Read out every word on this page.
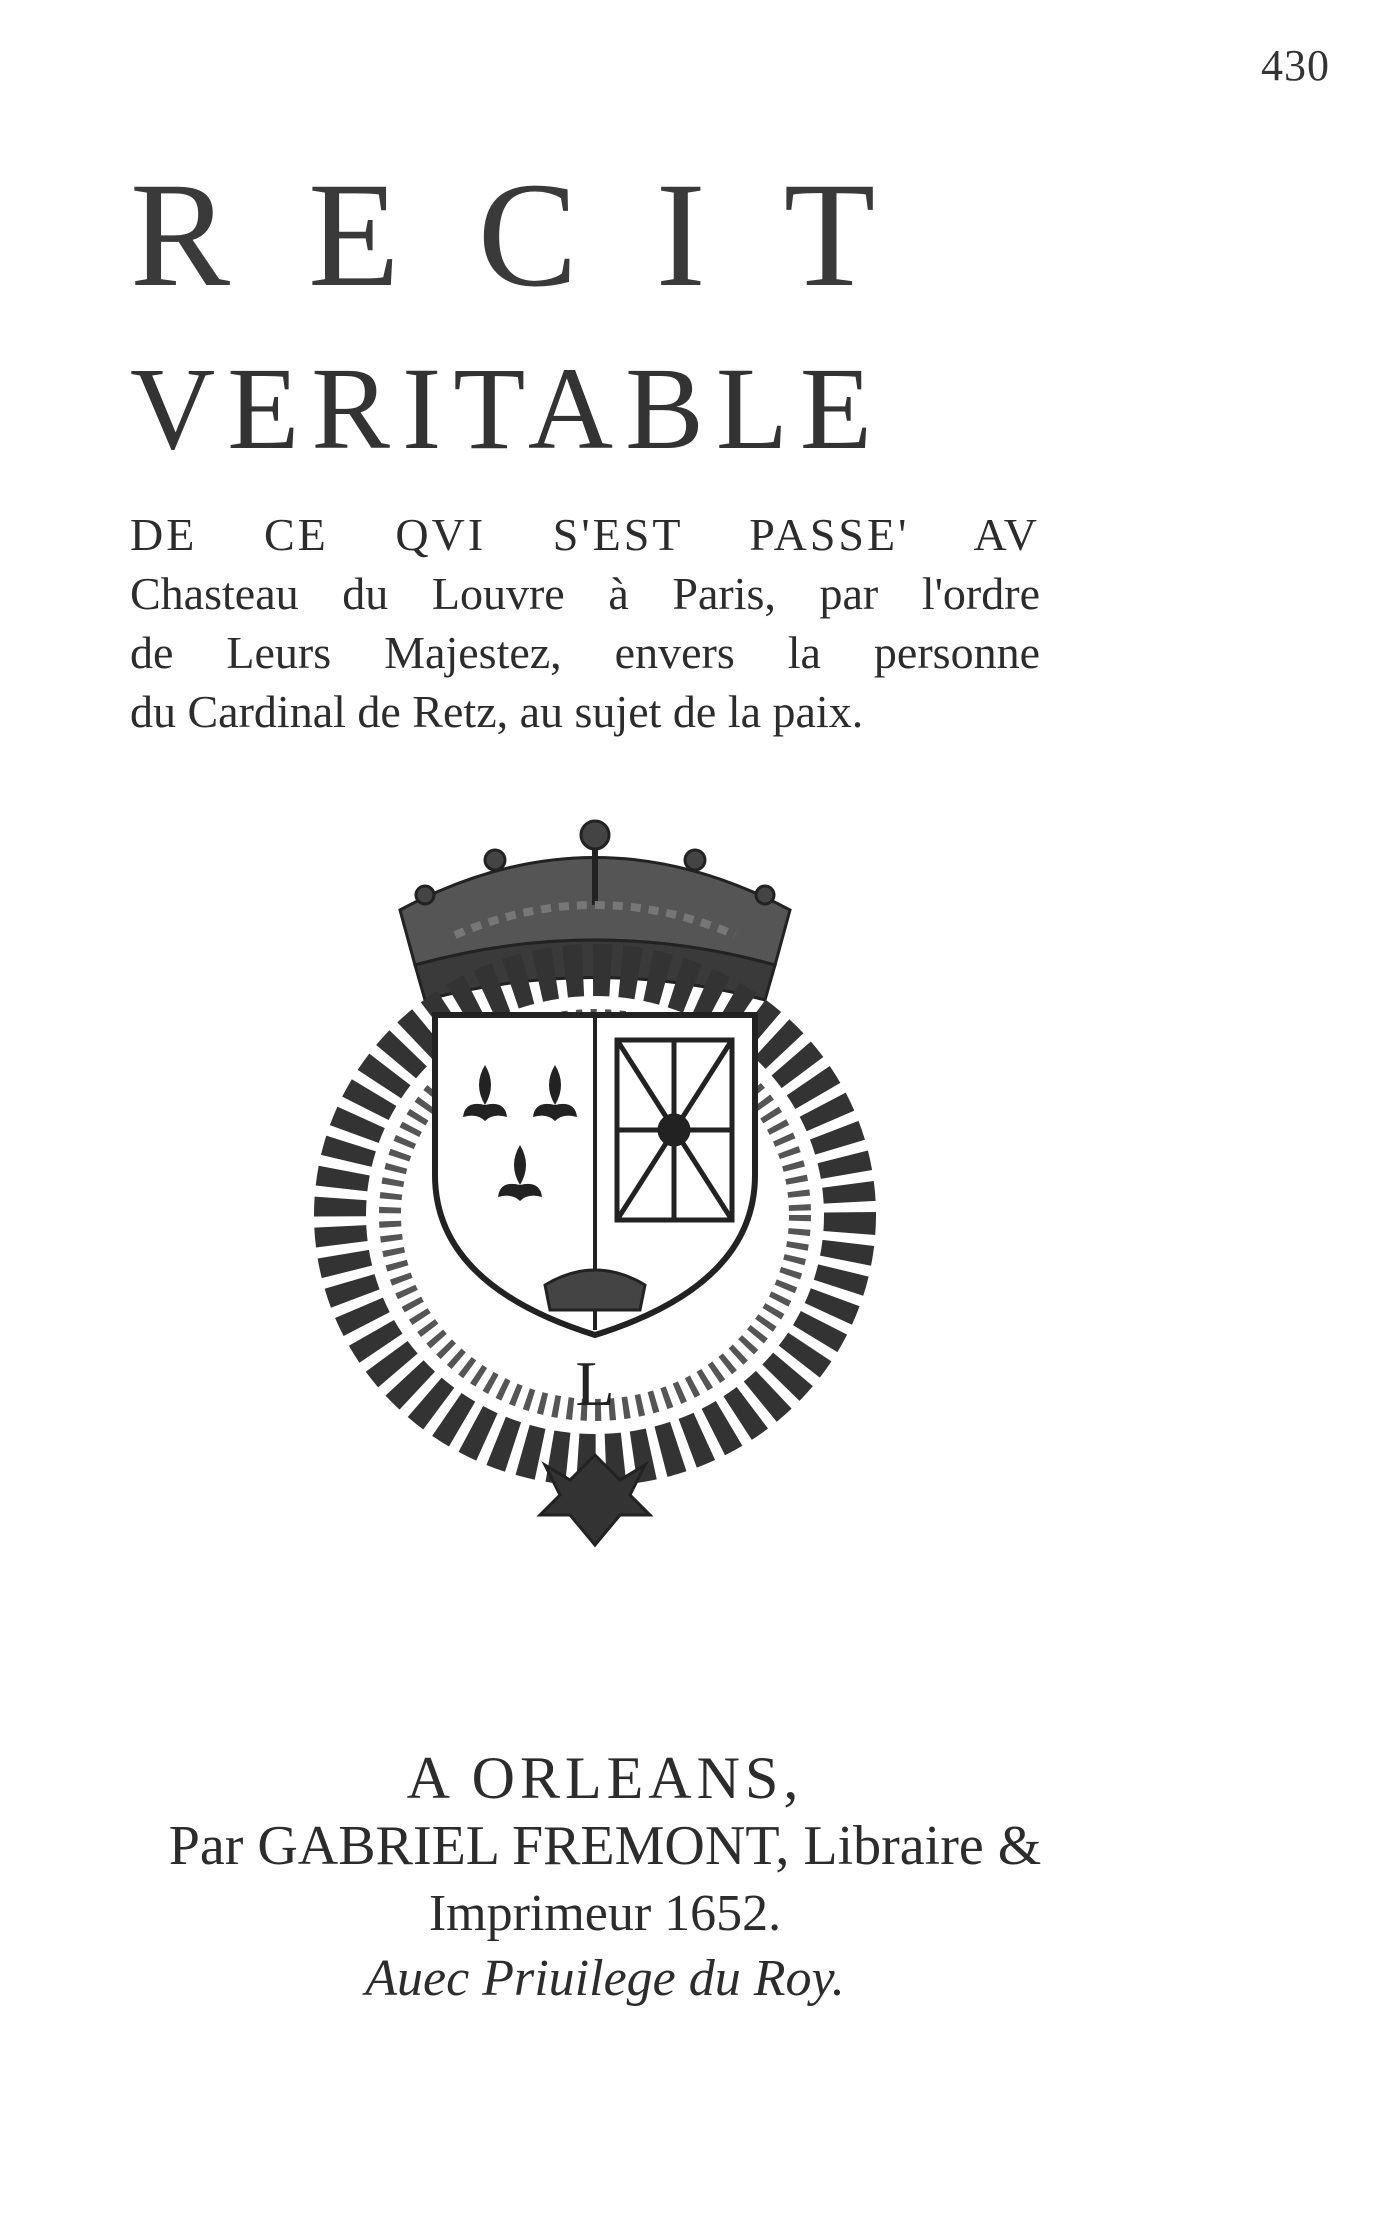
430
RECIT
VERITABLE
DE CE QVI S'EST PASSE' AV
Chasteau du Louvre à Paris, par l'ordre
de Leurs Majestez, envers la personne
du Cardinal de Retz, au sujet de la paix.
L
A ORLEANS,
Par GABRIEL FREMONT, Libraire &
Imprimeur 1652.
Auec Priuilege du Roy.
